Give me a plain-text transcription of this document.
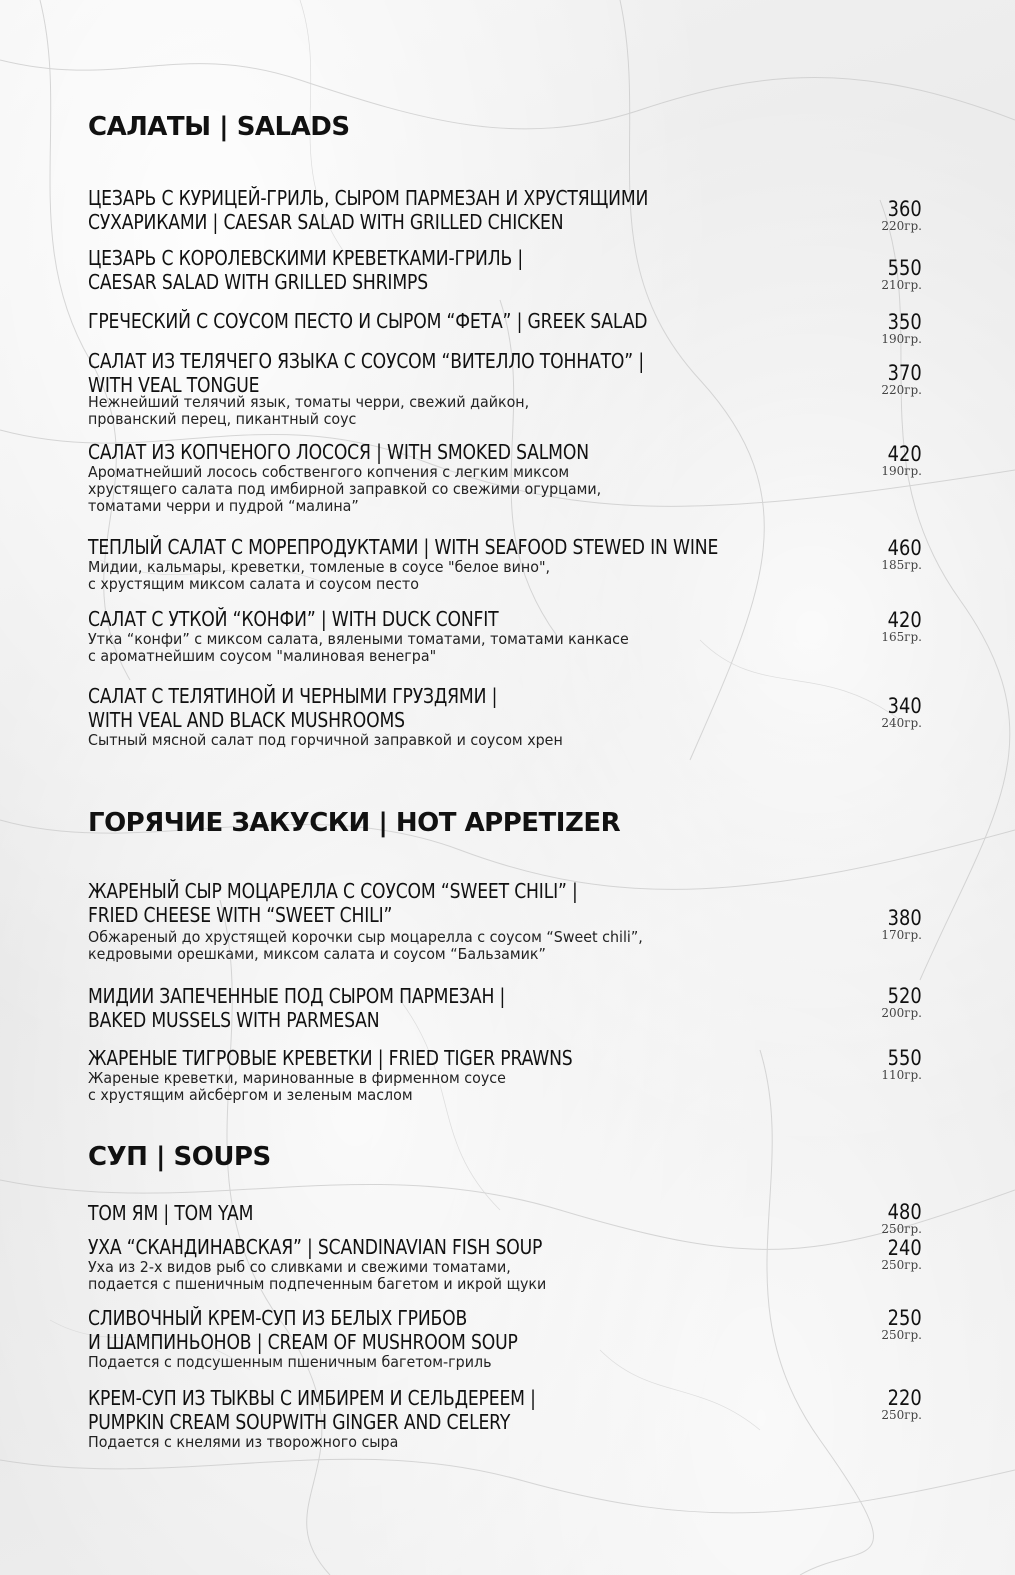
САЛАТЫ | SALADS
ЦЕЗАРЬ С КУРИЦЕЙ-ГРИЛЬ, СЫРОМ ПАРМЕЗАН И ХРУСТЯЩИМИ
СУХАРИКАМИ | CAESAR SALAD WITH GRILLED CHICKEN
360
220гр.
ЦЕЗАРЬ С КОРОЛЕВСКИМИ КРЕВЕТКАМИ-ГРИЛЬ |
CAESAR SALAD WITH GRILLED SHRIMPS
550
210гр.
ГРЕЧЕСКИЙ С СОУСОМ ПЕСТО И СЫРОМ “ФЕТА” | GREEK SALAD	350
190гр.
САЛАТ ИЗ ТЕЛЯЧЕГО ЯЗЫКА С СОУСОМ “ВИТЕЛЛО ТОННАТО” |
WITH VEAL TONGUE
Нежнейший телячий язык, томаты черри, свежий дайкон,
прованский перец, пикантный соус
370
220гр.
САЛАТ ИЗ КОПЧЕНОГО ЛОСОСЯ | WITH SMOKED SALMON
Ароматнейший лосось собственгого копчения с легким миксом
хрустящего салата под имбирной заправкой со свежими огурцами,
томатами черри и пудрой “малина”
420
190гр.
ТЕПЛЫЙ САЛАТ С МОРЕПРОДУКТАМИ | WITH SEAFOOD STEWED IN WINE
Мидии, кальмары, креветки, томленые в соусе "белое вино",
с хрустящим миксом салата и соусом песто
460
185гр.
САЛАТ С УТКОЙ “КОНФИ” | WITH DUCK CONFIT
Утка “конфи” с миксом салата, вялеными томатами, томатами канкасе
с ароматнейшим соусом "малиновая венегра"
420
165гр.
САЛАТ С ТЕЛЯТИНОЙ И ЧЕРНЫМИ ГРУЗДЯМИ |
WITH VEAL AND BLACK MUSHROOMS
Сытный мясной салат под горчичной заправкой и соусом хрен
340
240гр.
ГОРЯЧИЕ ЗАКУСКИ | HOT APPETIZER
ЖАРЕНЫЙ СЫР МОЦАРЕЛЛА С СОУСОМ “SWEET CHILI” |
FRIED CHEESE WITH “SWEET CHILI”
Обжареный до хрустящей корочки сыр моцарелла с соусом “Sweet chili”,
кедровыми орешками, миксом салата и соусом “Бальзамик”
380
170гр.
МИДИИ ЗАПЕЧЕННЫЕ ПОД СЫРОМ ПАРМЕЗАН |
BAKED MUSSELS WITH PARMESAN
520
200гр.
ЖАРЕНЫЕ ТИГРОВЫЕ КРЕВЕТКИ | FRIED TIGER PRAWNS
Жареные креветки, маринованные в фирменном соусе
с хрустящим айсбергом и зеленым маслом
550
110гр.
СУП | SOUPS
ТОМ ЯМ | TOM YAM	480
250гр.
УХА “СКАНДИНАВСКАЯ” | SCANDINAVIAN FISH SOUP
Уха из 2-х видов рыб со сливками и свежими томатами,
подается с пшеничным подпеченным багетом и икрой щуки
240
250гр.
СЛИВОЧНЫЙ КРЕМ-СУП ИЗ БЕЛЫХ ГРИБОВ
И ШАМПИНЬОНОВ | CREAM OF MUSHROOM SOUP
Подается с подсушенным пшеничным багетом-гриль
250
250гр.
КРЕМ-СУП ИЗ ТЫКВЫ С ИМБИРЕМ И СЕЛЬДЕРЕЕМ |
PUMPKIN CREAM SOUPWITH GINGER AND CELERY
Подается с кнелями из творожного сыра
220
250гр.
